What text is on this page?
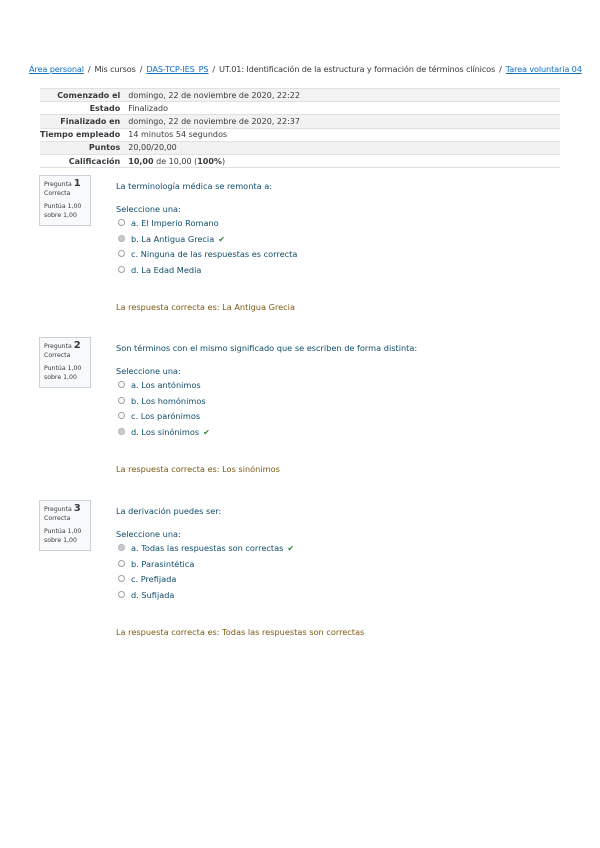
Área personal / Mis cursos / DAS-TCP-IES_PS / UT.01: Identificación de la estructura y formación de términos clínicos / Tarea voluntaria 04
Comenzado el	domingo, 22 de noviembre de 2020, 22:22
Estado	Finalizado
Finalizado en	domingo, 22 de noviembre de 2020, 22:37
Tiempo empleado	14 minutos 54 segundos
Puntos	20,00/20,00
Calificación	10,00 de 10,00 (100%)
Pregunta 1
Correcta
Puntúa 1,00
sobre 1,00
La terminología médica se remonta a:
Seleccione una:
a. El Imperio Romano
b. La Antigua Grecia ✔
c. Ninguna de las respuestas es correcta
d. La Edad Media
La respuesta correcta es: La Antigua Grecia
Pregunta 2
Correcta
Puntúa 1,00
sobre 1,00
Son términos con el mismo significado que se escriben de forma distinta:
Seleccione una:
a. Los antónimos
b. Los homónimos
c. Los parónimos
d. Los sinónimos ✔
La respuesta correcta es: Los sinónimos
Pregunta 3
Correcta
Puntúa 1,00
sobre 1,00
La derivación puedes ser:
Seleccione una:
a. Todas las respuestas son correctas ✔
b. Parasintética
c. Prefijada
d. Sufijada
La respuesta correcta es: Todas las respuestas son correctas
